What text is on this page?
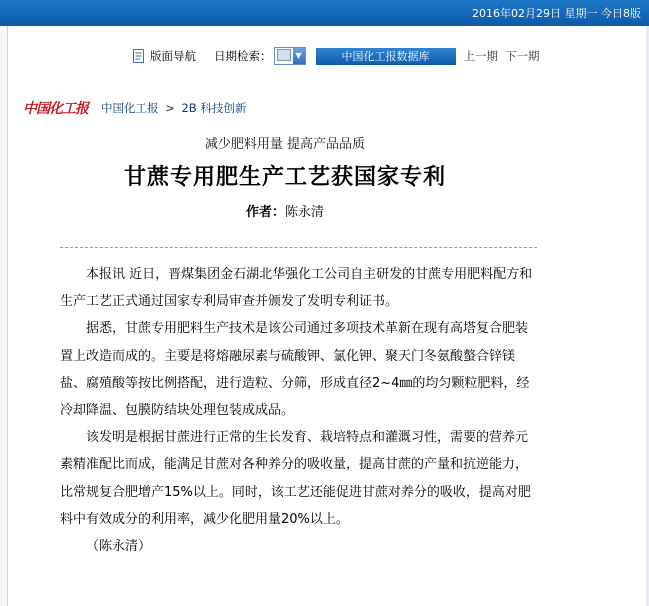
2016年02月29日 星期一 今日8版
版面导航 日期检索：	▼	中国化工报数据库	上一期 下一期
中国化工报 中国化工报 > 2B 科技创新
减少肥料用量 提高产品品质
甘蔗专用肥生产工艺获国家专利
作者：陈永清

本报讯 近日，晋煤集团金石湖北华强化工公司自主研发的甘蔗专用肥料配方和生产工艺正式通过国家专利局审查并颁发了发明专利证书。

据悉，甘蔗专用肥料生产技术是该公司通过多项技术革新在现有高塔复合肥装置上改造而成的。主要是将熔融尿素与硫酸钾、氯化钾、聚天门冬氨酸螯合锌镁盐、腐殖酸等按比例搭配，进行造粒、分筛，形成直径2~4㎜的均匀颗粒肥料，经冷却降温、包膜防结块处理包装成成品。

该发明是根据甘蔗进行正常的生长发育、栽培特点和灌溉习性，需要的营养元素精准配比而成，能满足甘蔗对各种养分的吸收量，提高甘蔗的产量和抗逆能力，比常规复合肥增产15%以上。同时，该工艺还能促进甘蔗对养分的吸收，提高对肥料中有效成分的利用率，减少化肥用量20%以上。

（陈永清）
